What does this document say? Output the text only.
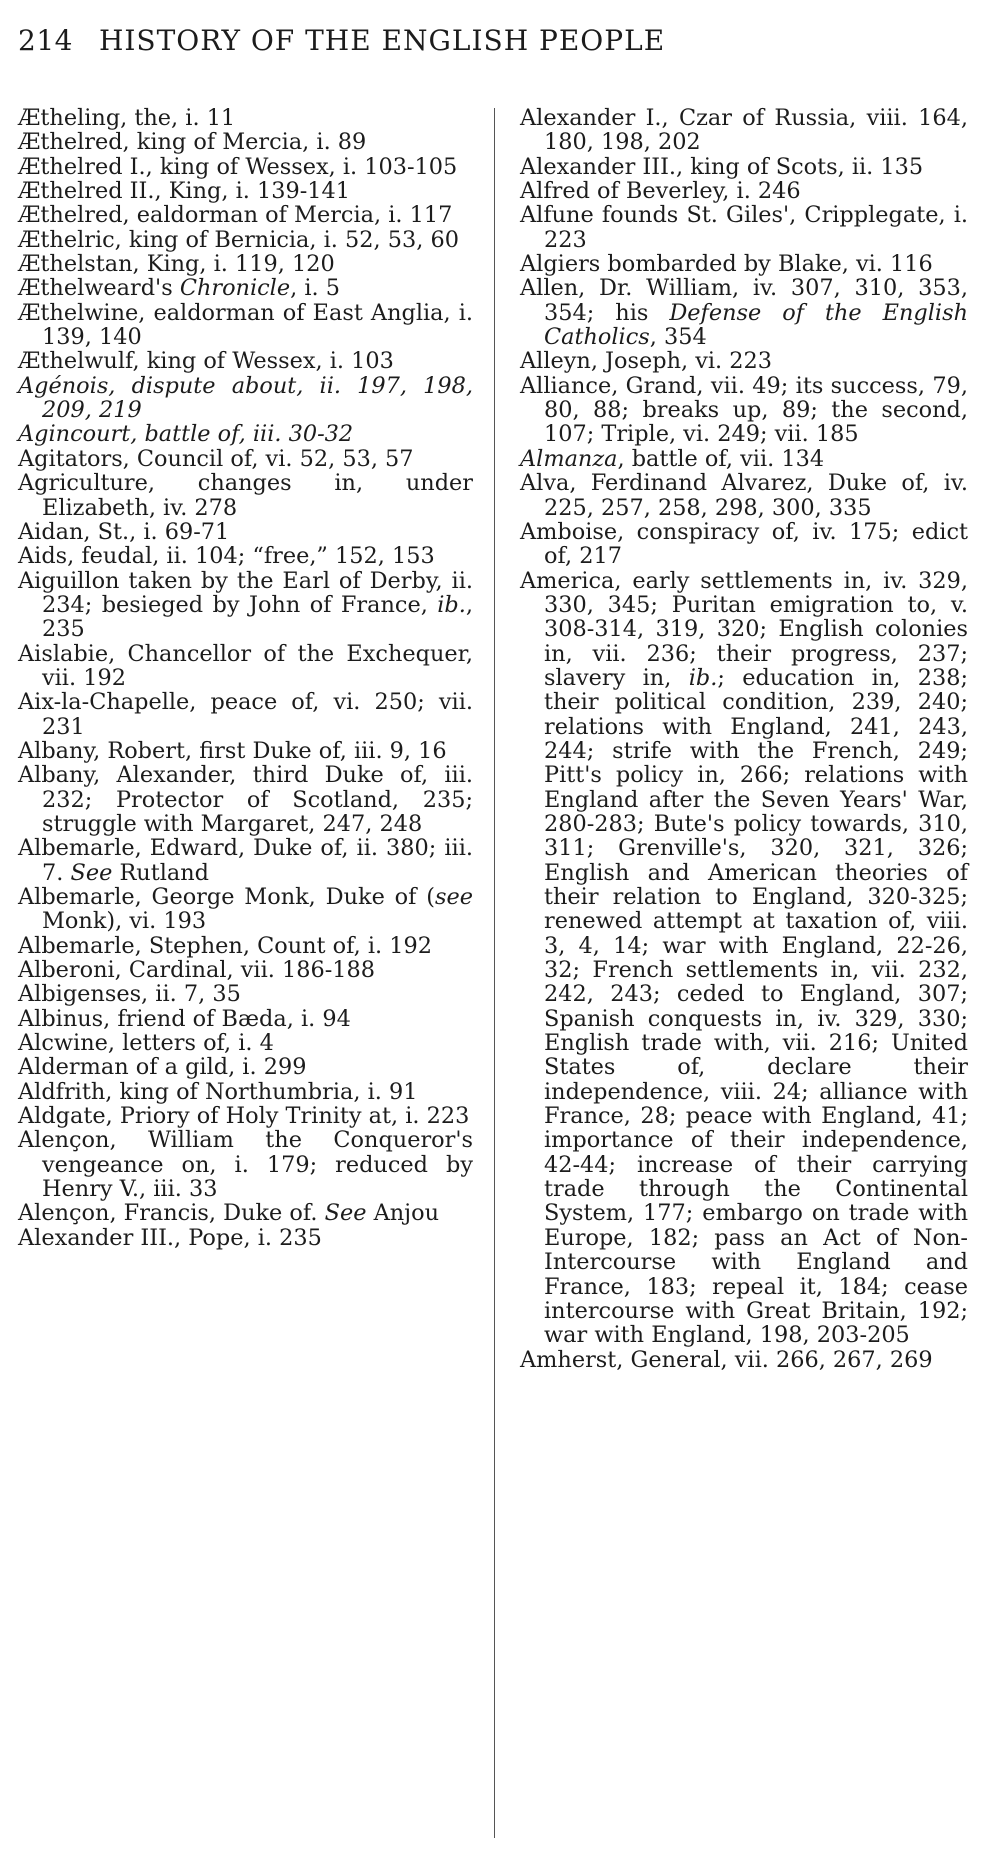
214 HISTORY OF THE ENGLISH PEOPLE

Ætheling, the, i. 11

Æthelred, king of Mercia, i. 89

Æthelred I., king of Wessex, i. 103-105

Æthelred II., King, i. 139-141

Æthelred, ealdorman of Mercia, i. 117

Æthelric, king of Bernicia, i. 52, 53, 60

Æthelstan, King, i. 119, 120

Æthelweard's Chronicle, i. 5

Æthelwine, ealdorman of East Anglia, i. 139, 140

Æthelwulf, king of Wessex, i. 103

Agénois, dispute about, ii. 197, 198, 209, 219

Agincourt, battle of, iii. 30-32

Agitators, Council of, vi. 52, 53, 57

Agriculture, changes in, under Elizabeth, iv. 278

Aidan, St., i. 69-71

Aids, feudal, ii. 104; “free,” 152, 153

Aiguillon taken by the Earl of Derby, ii. 234; besieged by John of France, ib., 235

Aislabie, Chancellor of the Exchequer, vii. 192

Aix-la-Chapelle, peace of, vi. 250; vii. 231

Albany, Robert, first Duke of, iii. 9, 16

Albany, Alexander, third Duke of, iii. 232; Protector of Scotland, 235; struggle with Margaret, 247, 248

Albemarle, Edward, Duke of, ii. 380; iii. 7. See Rutland

Albemarle, George Monk, Duke of (see Monk), vi. 193

Albemarle, Stephen, Count of, i. 192

Alberoni, Cardinal, vii. 186-188

Albigenses, ii. 7, 35

Albinus, friend of Bæda, i. 94

Alcwine, letters of, i. 4

Alderman of a gild, i. 299

Aldfrith, king of Northumbria, i. 91

Aldgate, Priory of Holy Trinity at, i. 223

Alençon, William the Conqueror's vengeance on, i. 179; reduced by Henry V., iii. 33

Alençon, Francis, Duke of. See Anjou

Alexander III., Pope, i. 235

Alexander I., Czar of Russia, viii. 164, 180, 198, 202

Alexander III., king of Scots, ii. 135

Alfred of Beverley, i. 246

Alfune founds St. Giles', Cripplegate, i. 223

Algiers bombarded by Blake, vi. 116

Allen, Dr. William, iv. 307, 310, 353, 354; his Defense of the English Catholics, 354

Alleyn, Joseph, vi. 223

Alliance, Grand, vii. 49; its success, 79, 80, 88; breaks up, 89; the second, 107; Triple, vi. 249; vii. 185

Almanza, battle of, vii. 134

Alva, Ferdinand Alvarez, Duke of, iv. 225, 257, 258, 298, 300, 335

Amboise, conspiracy of, iv. 175; edict of, 217

America, early settlements in, iv. 329, 330, 345; Puritan emigration to, v. 308-314, 319, 320; English colonies in, vii. 236; their progress, 237; slavery in, ib.; education in, 238; their political condition, 239, 240; relations with England, 241, 243, 244; strife with the French, 249; Pitt's policy in, 266; relations with England after the Seven Years' War, 280-283; Bute's policy towards, 310, 311; Grenville's, 320, 321, 326; English and American theories of their relation to England, 320-325; renewed attempt at taxation of, viii. 3, 4, 14; war with England, 22-26, 32; French settlements in, vii. 232, 242, 243; ceded to England, 307; Spanish conquests in, iv. 329, 330; English trade with, vii. 216; United States of, declare their independence, viii. 24; alliance with France, 28; peace with England, 41; importance of their independence, 42-44; increase of their carrying trade through the Continental System, 177; embargo on trade with Europe, 182; pass an Act of Non-Intercourse with England and France, 183; repeal it, 184; cease intercourse with Great Britain, 192; war with England, 198, 203-205

Amherst, General, vii. 266, 267, 269
